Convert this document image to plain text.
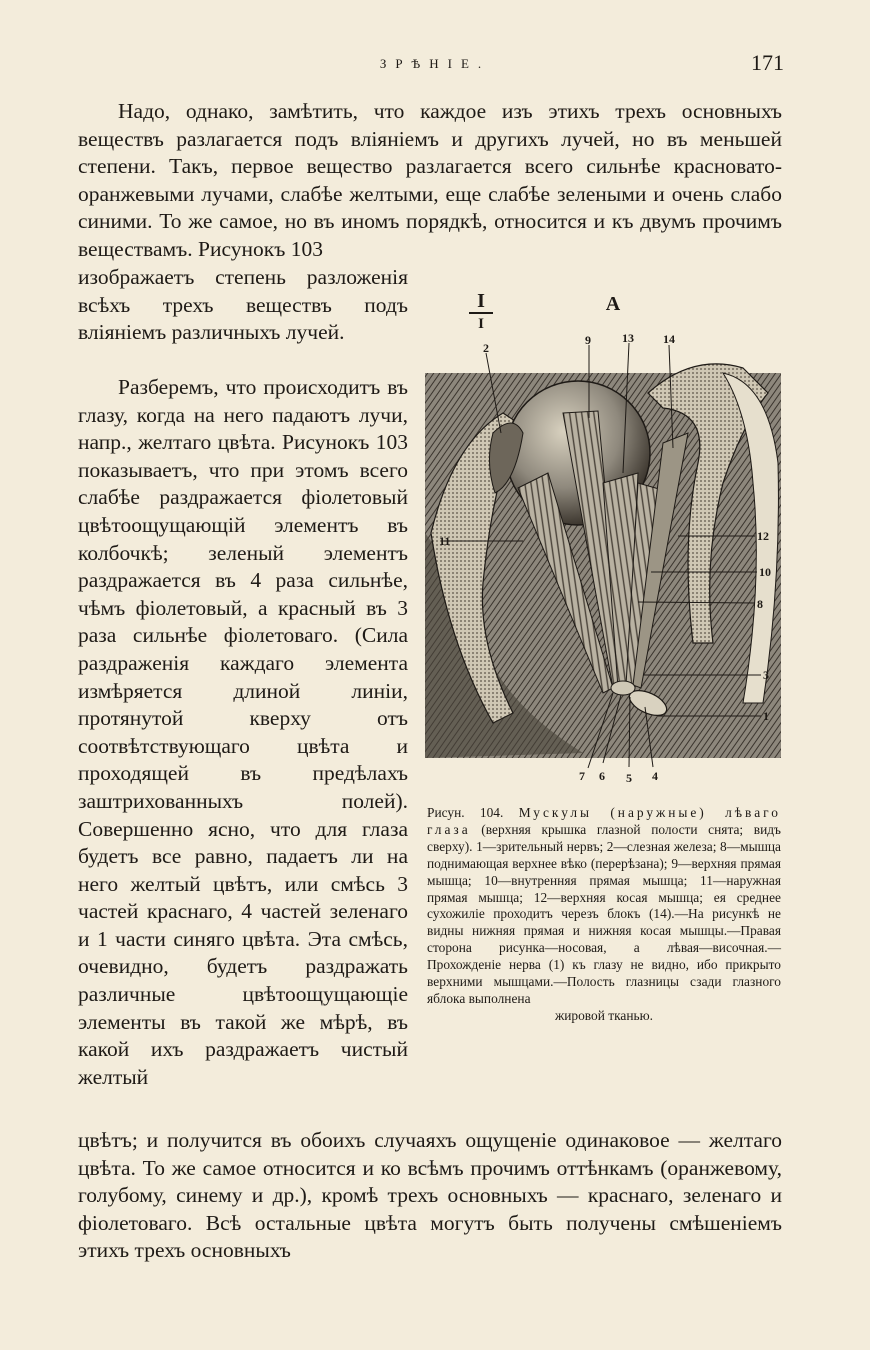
ЗРѢНІЕ.	171

Надо, однако, замѣтить, что каждое изъ этихъ трехъ основныхъ веществъ разлагается подъ вліяніемъ и другихъ лучей, но въ меньшей степени. Такъ, первое вещество разлагается всего сильнѣе красновато-оранжевыми лучами, слабѣе желтыми, еще слабѣе зелеными и очень слабо синими. То же самое, но въ иномъ порядкѣ, относится и къ двумъ прочимъ веществамъ. Рисунокъ 103

изображаетъ степень разложенія всѣхъ трехъ веществъ подъ вліяніемъ различныхъ лучей.

Разберемъ, что происходитъ въ глазу, когда на него падаютъ лучи, напр., желтаго цвѣта. Рисунокъ 103 показываетъ, что при этомъ всего слабѣе раздражается фіолетовый цвѣтоощущающій элементъ въ колбочкѣ; зеленый элементъ раздражается въ 4 раза сильнѣе, чѣмъ фіолетовый, а красный въ 3 раза сильнѣе фіолетоваго. (Сила раздраженія каждаго элемента измѣряется длиной линіи, протянутой кверху отъ соотвѣтствующаго цвѣта и проходящей въ предѣлахъ заштрихованныхъ полей). Совершенно ясно, что для глаза будетъ все равно, падаетъ ли на него желтый цвѣтъ, или смѣсь 3 частей краснаго, 4 частей зеленаго и 1 части синяго цвѣта. Эта смѣсь, очевидно, будетъ раздражать различные цвѣтоощущающіе элементы въ такой же мѣрѣ, въ какой ихъ раздражаетъ чистый желтый

цвѣтъ; и получится въ обоихъ случаяхъ ощущеніе одинаковое — желтаго цвѣта. То же самое относится и ко всѣмъ прочимъ оттѣнкамъ (оранжевому, голубому, синему и др.), кромѣ трехъ основныхъ — краснаго, зеленаго и фіолетоваго. Всѣ остальные цвѣта могутъ быть получены смѣшеніемъ этихъ трехъ основныхъ

I
I
A
2
9	13 14
11	12
10
8
3
1
7 6 5 4

Рисун. 104. Мускулы (наружные) лѣваго глаза (верхняя крышка глазной полости снята; видъ сверху). 1—зрительный нервъ; 2—слезная железа; 8—мышца поднимающая верхнее вѣко (перерѣзана); 9—верхняя прямая мышца; 10—внутренняя прямая мышца; 11—наружная прямая мышца; 12—верхняя косая мышца; ея среднее сухожиліе проходитъ черезъ блокъ (14).—На рисункѣ не видны нижняя прямая и нижняя косая мышцы.—Правая сторона рисунка—носовая, а лѣвая—височная.—Прохожденіе нерва (1) къ глазу не видно, ибо прикрыто верхними мышцами.—Полость глазницы сзади глазного яблока выполнена
жировой тканью.
